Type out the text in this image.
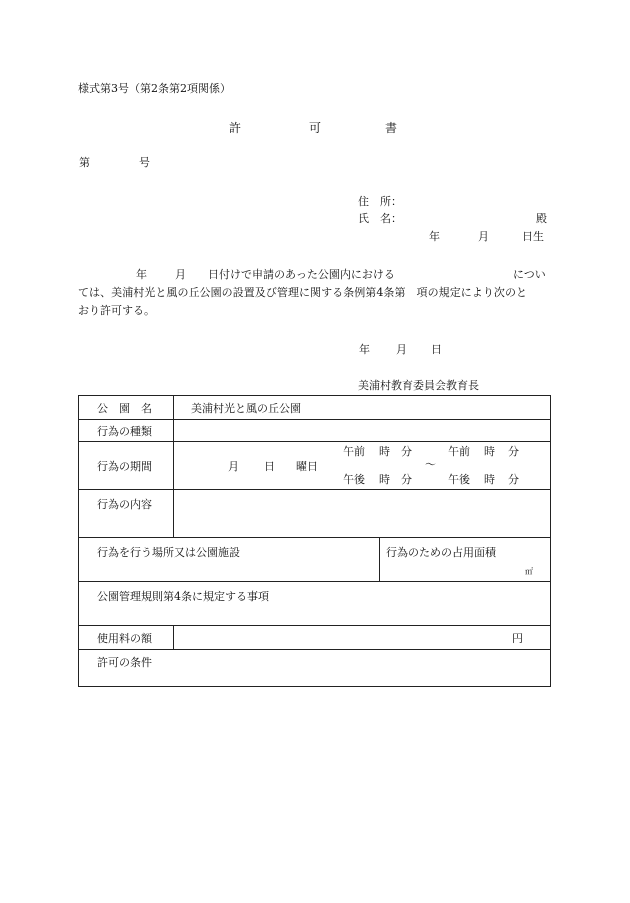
様式第3号（第2条第2項関係）
許	可	書
第	号
住　所：
氏　名：	殿
年	月	日生
年	月 日付けで申請のあった公園内における	につい
ては、美浦村光と風の丘公園の設置及び管理に関する条例第4条第　項の規定により次のと
おり許可する。
年 月 日
美浦村教育委員会教育長
公　園　名	美浦村光と風の丘公園
行為の種類
行為の期間	月 日 曜日
午前 時 分	午前 時 分
～
午後 時 分	午後 時 分
行為の内容
行為を行う場所又は公園施設	行為のための占用面積
㎡
公園管理規則第4条に規定する事項
使用料の額	円
許可の条件
